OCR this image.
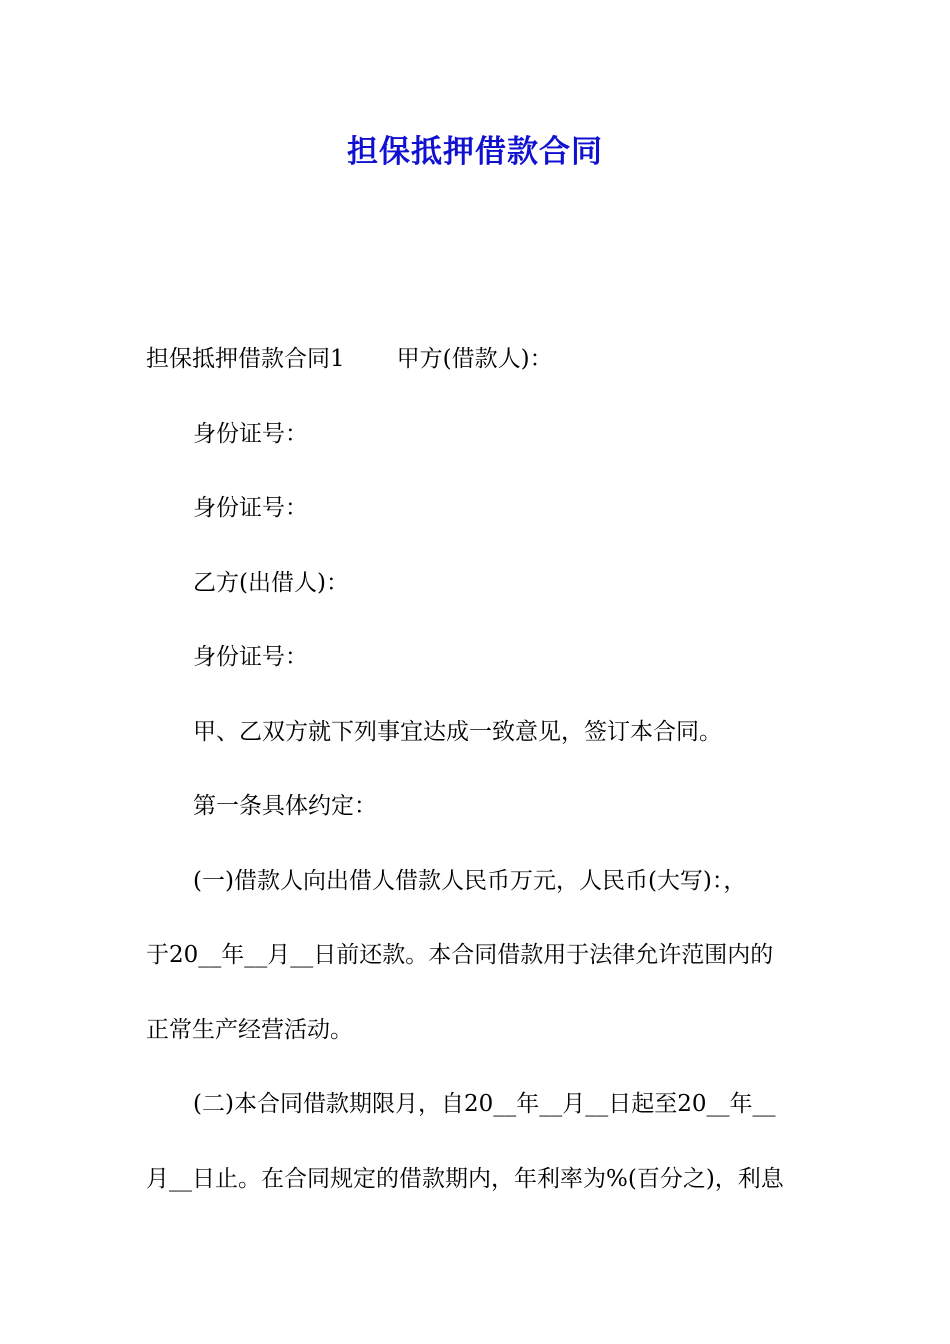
担保抵押借款合同

担保抵押借款合同1 甲方(借款人)：

身份证号：

身份证号：

乙方(出借人)：

身份证号：

甲、乙双方就下列事宜达成一致意见，签订本合同。

第一条具体约定：

(一)借款人向出借人借款人民币万元，人民币(大写)：，

于20__年__月__日前还款。本合同借款用于法律允许范围内的

正常生产经营活动。

(二)本合同借款期限月，自20__年__月__日起至20__年__

月__日止。在合同规定的借款期内，年利率为%(百分之)，利息
